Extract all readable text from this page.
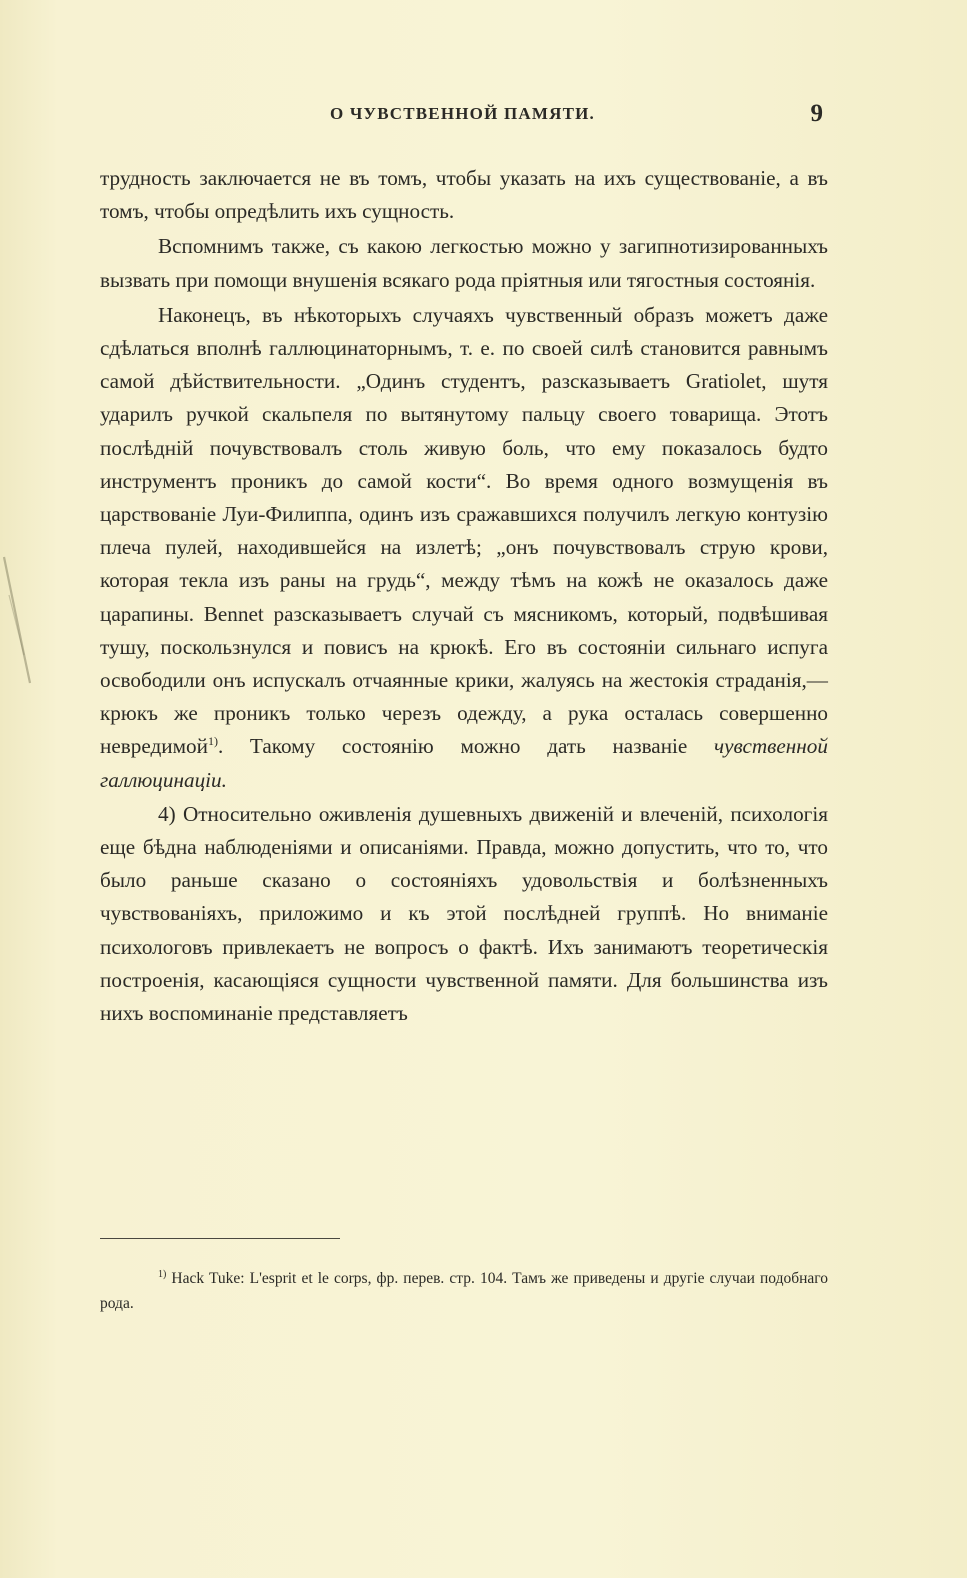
О ЧУВСТВЕННОЙ ПАМЯТИ.	9

трудность заключается не въ томъ, чтобы указать на ихъ существованіе, а въ томъ, чтобы опредѣлить ихъ сущность.

Вспомнимъ также, съ какою легкостью можно у загипнотизированныхъ вызвать при помощи внушенія всякаго рода пріятныя или тягостныя состоянія.

Наконецъ, въ нѣкоторыхъ случаяхъ чувственный образъ можетъ даже сдѣлаться вполнѣ галлюцинаторнымъ, т. е. по своей силѣ становится равнымъ самой дѣйствительности. „Одинъ студентъ, разсказываетъ Gratiolet, шутя ударилъ ручкой скальпеля по вытянутому пальцу своего товарища. Этотъ послѣдній почувствовалъ столь живую боль, что ему показалось будто инструментъ проникъ до самой кости“. Во время одного возмущенія въ царствованіе Луи-Филиппа, одинъ изъ сражавшихся получилъ легкую контузію плеча пулей, находившейся на излетѣ; „онъ почувствовалъ струю крови, которая текла изъ раны на грудь“, между тѣмъ на кожѣ не оказалось даже царапины. Bennet разсказываетъ случай съ мясникомъ, который, подвѣшивая тушу, поскользнулся и повисъ на крюкѣ. Его въ состояніи сильнаго испуга освободили онъ испускалъ отчаянные крики, жалуясь на жестокія страданія,—крюкъ же проникъ только черезъ одежду, а рука осталась совершенно невредимой$^{1)}$. Такому состоянію можно дать названіе чувственной галлюцинаціи.

4) Относительно оживленія душевныхъ движеній и влеченій, психологія еще бѣдна наблюденіями и описаніями. Правда, можно допустить, что то, что было раньше сказано о состояніяхъ удовольствія и болѣзненныхъ чувствованіяхъ, приложимо и къ этой послѣдней группѣ. Но вниманіе психологовъ привлекаетъ не вопросъ о фактѣ. Ихъ занимаютъ теоретическія построенія, касающіяся сущности чувственной памяти. Для большинства изъ нихъ воспоминаніе представляетъ

$^{1)}$ Hack Tuke: L'esprit et le corps, фр. перев. стр. 104. Тамъ же приведены и другіе случаи подобнаго рода.
